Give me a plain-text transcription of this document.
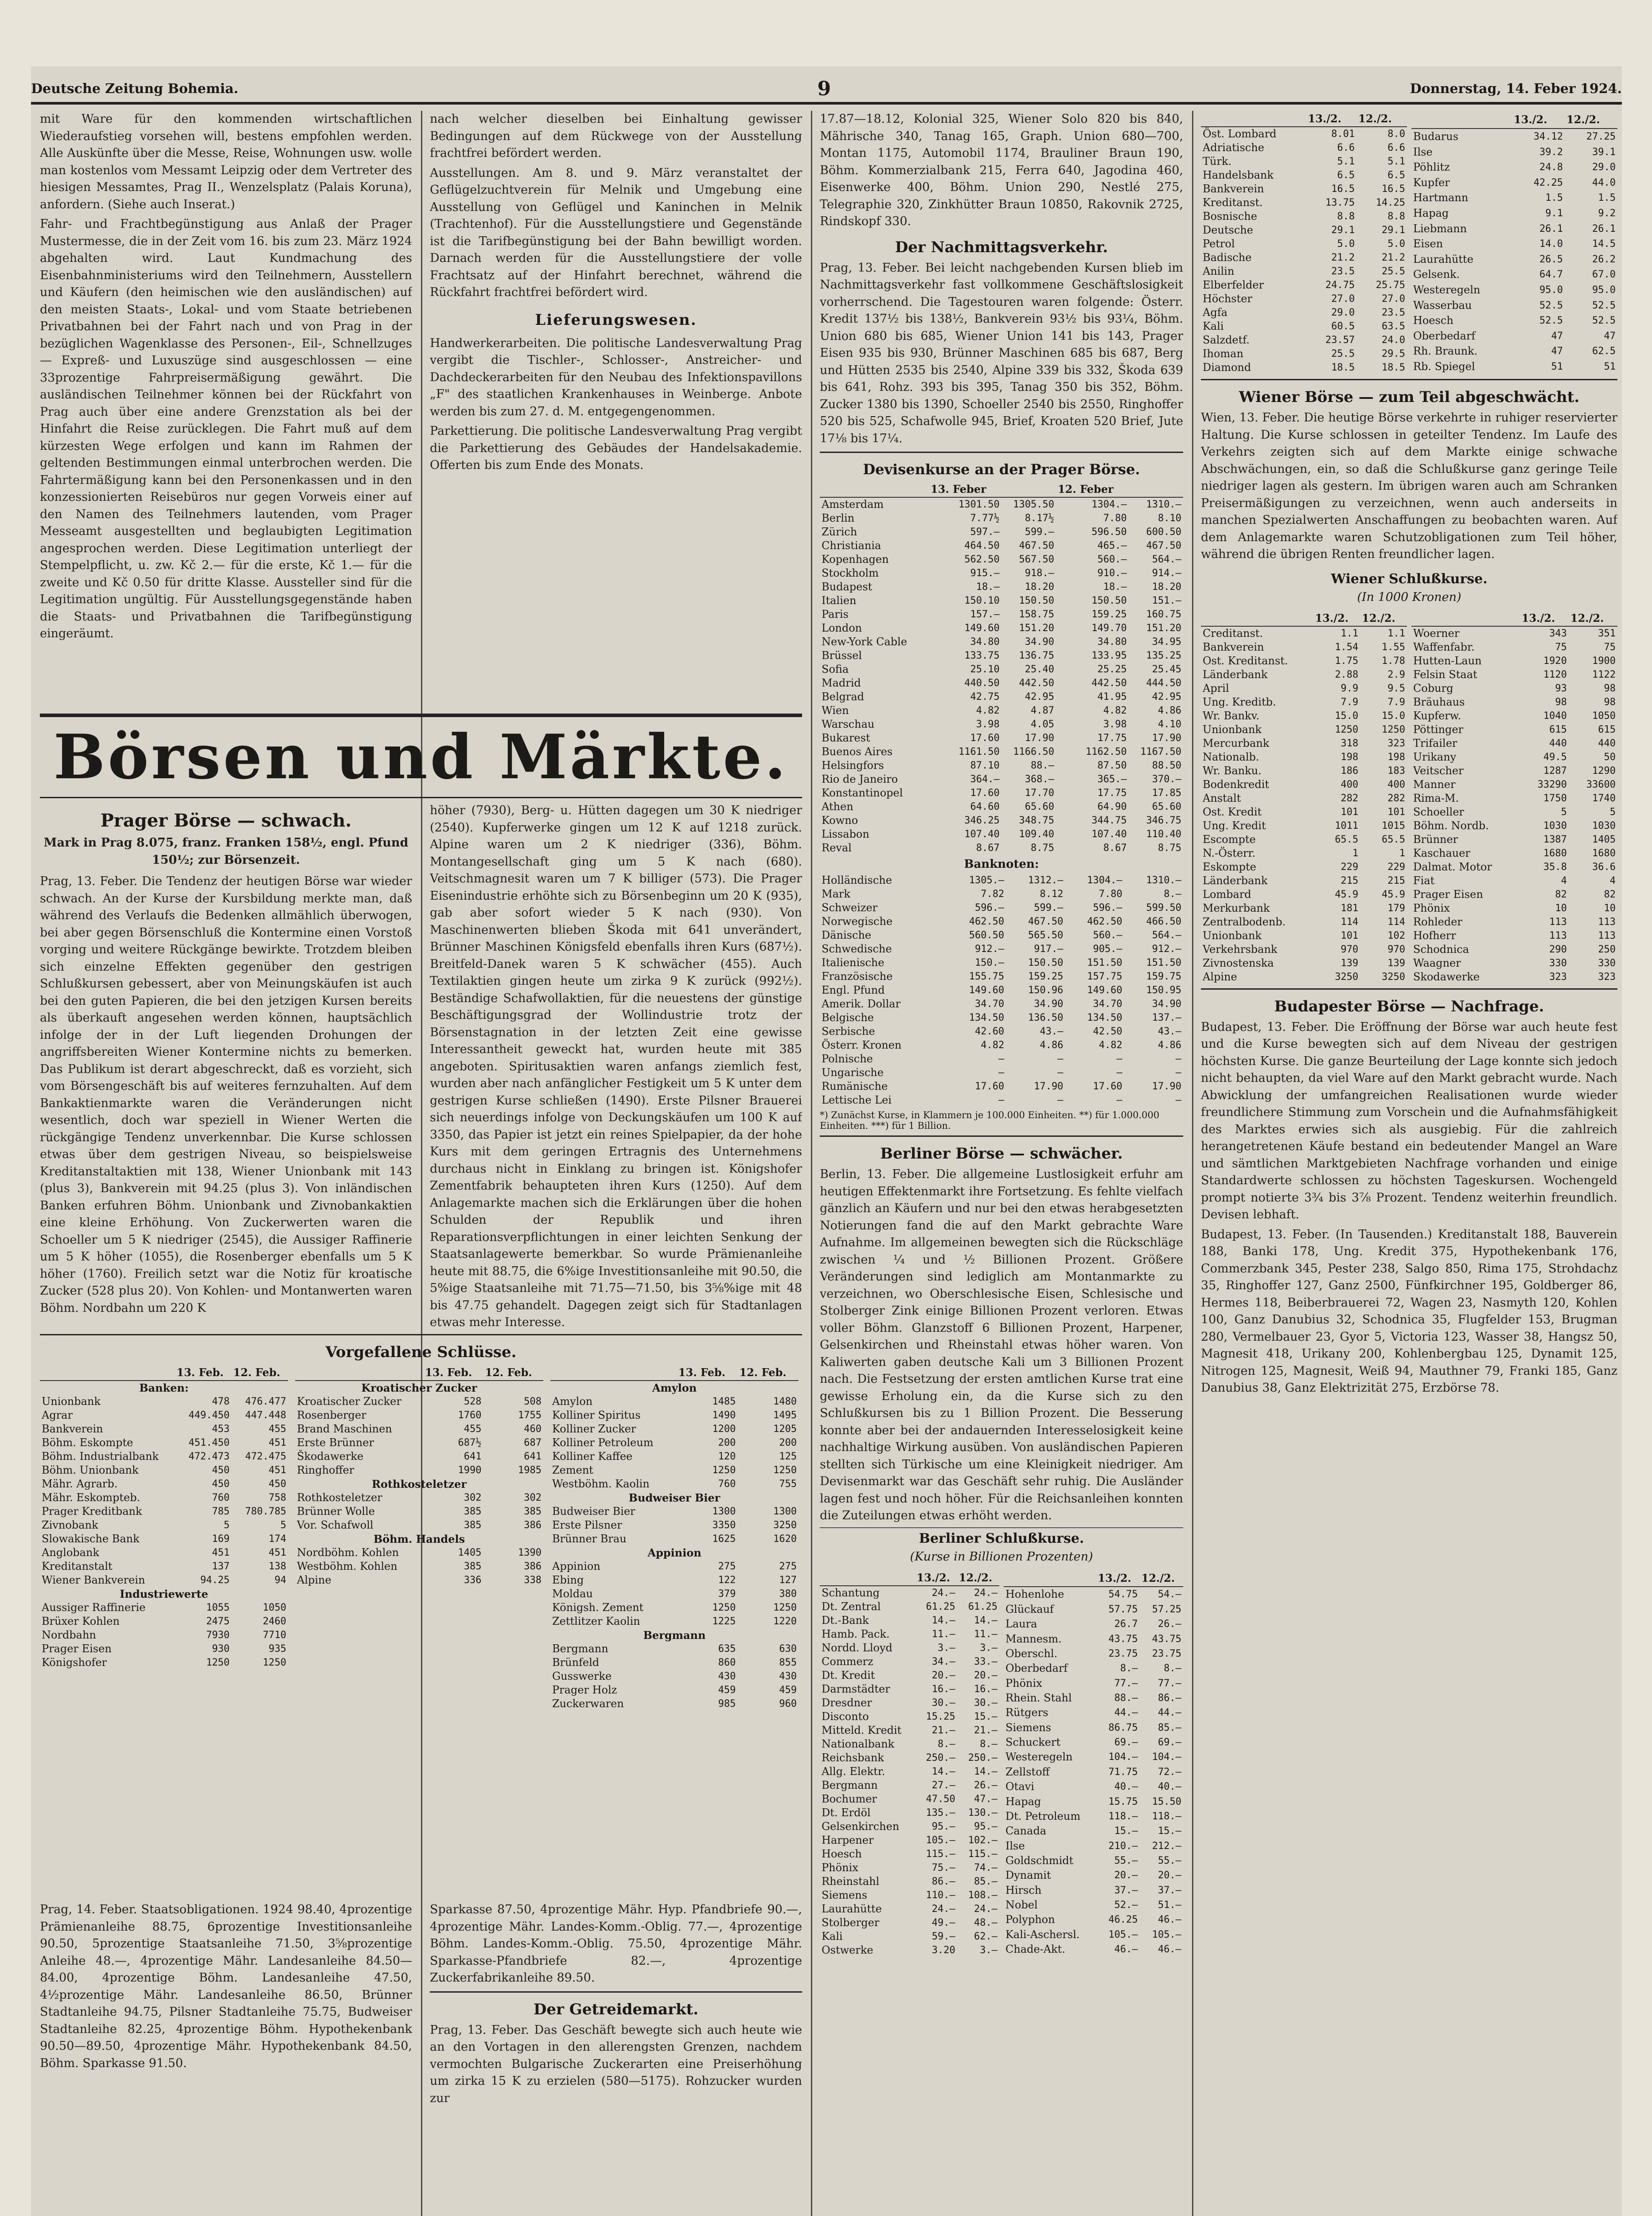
Deutsche Zeitung Bohemia.	9	Donnerstag, 14. Feber 1924.

mit Ware für den kommenden wirtschaftlichen Wiederaufstieg vorsehen will, bestens empfohlen werden. Alle Auskünfte über die Messe, Reise, Wohnungen usw. wolle man kostenlos vom Messamt Leipzig oder dem Vertreter des hiesigen Messamtes, Prag II., Wenzelsplatz (Palais Koruna), anfordern. (Siehe auch Inserat.)

Fahr- und Frachtbegünstigung aus Anlaß der Prager Mustermesse, die in der Zeit vom 16. bis zum 23. März 1924 abgehalten wird. Laut Kundmachung des Eisenbahnministeriums wird den Teilnehmern, Ausstellern und Käufern (den heimischen wie den ausländischen) auf den meisten Staats-, Lokal- und vom Staate betriebenen Privatbahnen bei der Fahrt nach und von Prag in der bezüglichen Wagenklasse des Personen-, Eil-, Schnellzuges — Expreß- und Luxuszüge sind ausgeschlossen — eine 33prozentige Fahrpreisermäßigung gewährt. Die ausländischen Teilnehmer können bei der Rückfahrt von Prag auch über eine andere Grenzstation als bei der Hinfahrt die Reise zurücklegen. Die Fahrt muß auf dem kürzesten Wege erfolgen und kann im Rahmen der geltenden Bestimmungen einmal unterbrochen werden. Die Fahrtermäßigung kann bei den Personenkassen und in den konzessionierten Reisebüros nur gegen Vorweis einer auf den Namen des Teilnehmers lautenden, vom Prager Messeamt ausgestellten und beglaubigten Legitimation angesprochen werden. Diese Legitimation unterliegt der Stempelpflicht, u. zw. Kč 2.— für die erste, Kč 1.— für die zweite und Kč 0.50 für dritte Klasse. Aussteller sind für die Legitimation ungültig. Für Ausstellungsgegenstände haben die Staats- und Privatbahnen die Tarifbegünstigung eingeräumt.

nach welcher dieselben bei Einhaltung gewisser Bedingungen auf dem Rückwege von der Ausstellung frachtfrei befördert werden.

Ausstellungen. Am 8. und 9. März veranstaltet der Geflügelzuchtverein für Melnik und Umgebung eine Ausstellung von Geflügel und Kaninchen in Melnik (Trachtenhof). Für die Ausstellungstiere und Gegenstände ist die Tarifbegünstigung bei der Bahn bewilligt worden. Darnach werden für die Ausstellungstiere der volle Frachtsatz auf der Hinfahrt berechnet, während die Rückfahrt frachtfrei befördert wird.

Lieferungswesen.

Handwerkerarbeiten. Die politische Landesverwaltung Prag vergibt die Tischler-, Schlosser-, Anstreicher- und Dachdeckerarbeiten für den Neubau des Infektionspavillons „F" des staatlichen Krankenhauses in Weinberge. Anbote werden bis zum 27. d. M. entgegengenommen.

Parkettierung. Die politische Landesverwaltung Prag vergibt die Parkettierung des Gebäudes der Handelsakademie. Offerten bis zum Ende des Monats.

Börsen und Märkte.
Prager Börse — schwach.
Mark in Prag 8.075, franz. Franken 158½, engl. Pfund 150½; zur Börsenzeit.

Prag, 13. Feber. Die Tendenz der heutigen Börse war wieder schwach. An der Kurse der Kursbildung merkte man, daß während des Verlaufs die Bedenken allmählich überwogen, bei aber gegen Börsenschluß die Kontermine einen Vorstoß vorging und weitere Rückgänge bewirkte. Trotzdem bleiben sich einzelne Effekten gegenüber den gestrigen Schlußkursen gebessert, aber von Meinungskäufen ist auch bei den guten Papieren, die bei den jetzigen Kursen bereits als überkauft angesehen werden können, hauptsächlich infolge der in der Luft liegenden Drohungen der angriffsbereiten Wiener Kontermine nichts zu bemerken. Das Publikum ist derart abgeschreckt, daß es vorzieht, sich vom Börsengeschäft bis auf weiteres fernzuhalten. Auf dem Bankaktienmarkte waren die Veränderungen nicht wesentlich, doch war speziell in Wiener Werten die rückgängige Tendenz unverkennbar. Die Kurse schlossen etwas über dem gestrigen Niveau, so beispielsweise Kreditanstaltaktien mit 138, Wiener Unionbank mit 143 (plus 3), Bankverein mit 94.25 (plus 3). Von inländischen Banken erfuhren Böhm. Unionbank und Zivnobankaktien eine kleine Erhöhung. Von Zuckerwerten waren die Schoeller um 5 K niedriger (2545), die Aussiger Raffinerie um 5 K höher (1055), die Rosenberger ebenfalls um 5 K höher (1760). Freilich setzt war die Notiz für kroatische Zucker (528 plus 20). Von Kohlen- und Montanwerten waren Böhm. Nordbahn um 220 K

höher (7930), Berg- u. Hütten dagegen um 30 K niedriger (2540). Kupferwerke gingen um 12 K auf 1218 zurück. Alpine waren um 2 K niedriger (336), Böhm. Montangesellschaft ging um 5 K nach (680). Veitschmagnesit waren um 7 K billiger (573). Die Prager Eisenindustrie erhöhte sich zu Börsenbeginn um 20 K (935), gab aber sofort wieder 5 K nach (930). Von Maschinenwerten blieben Škoda mit 641 unverändert, Brünner Maschinen Königsfeld ebenfalls ihren Kurs (687½). Breitfeld-Danek waren 5 K schwächer (455). Auch Textilaktien gingen heute um zirka 9 K zurück (992½). Beständige Schafwollaktien, für die neuestens der günstige Beschäftigungsgrad der Wollindustrie trotz der Börsenstagnation in der letzten Zeit eine gewisse Interessantheit geweckt hat, wurden heute mit 385 angeboten. Spiritusaktien waren anfangs ziemlich fest, wurden aber nach anfänglicher Festigkeit um 5 K unter dem gestrigen Kurse schließen (1490). Erste Pilsner Brauerei sich neuerdings infolge von Deckungskäufen um 100 K auf 3350, das Papier ist jetzt ein reines Spielpapier, da der hohe Kurs mit dem geringen Ertragnis des Unternehmens durchaus nicht in Einklang zu bringen ist. Königshofer Zementfabrik behaupteten ihren Kurs (1250). Auf dem Anlagemarkte machen sich die Erklärungen über die hohen Schulden der Republik und ihren Reparationsverpflichtungen in einer leichten Senkung der Staatsanlagewerte bemerkbar. So wurde Prämienanleihe heute mit 88.75, die 6%ige Investitionsanleihe mit 90.50, die 5%ige Staatsanleihe mit 71.75—71.50, bis 3⅝%ige mit 48 bis 47.75 gehandelt. Dagegen zeigt sich für Stadtanlagen etwas mehr Interesse.

Vorgefallene Schlüsse.
	13. Feb.	12. Feb.
Banken:		
Unionbank	478	476.477
Agrar	449.450	447.448
Bankverein	453	455
Böhm. Eskompte	451.450	451
Böhm. Industrialbank	472.473	472.475
Böhm. Unionbank	450	451
Mähr. Agrarb.	450	450
Mähr. Eskompteb.	760	758
Prager Kreditbank	785	780.785
Zivnobank	5	5
Slowakische Bank	169	174
Anglobank	451	451
Kreditanstalt	137	138
Wiener Bankverein	94.25	94
Industriewerte		
Aussiger Raffinerie	1055	1050
Brüxer Kohlen	2475	2460
Nordbahn	7930	7710
Prager Eisen	930	935
Königshofer	1250	1250
	13. Feb.	12. Feb.
Kroatischer Zucker		
Kroatischer Zucker	528	508
Rosenberger	1760	1755
Brand Maschinen	455	460
Erste Brünner	687½	687
Škodawerke	641	641
Ringhoffer	1990	1985
Rothkosteletzer		
Rothkosteletzer	302	302
Brünner Wolle	385	385
Vor. Schafwoll	385	386
Böhm. Handels		
Nordböhm. Kohlen	1405	1390
Westböhm. Kohlen	385	386
Alpine	336	338
	13. Feb.	12. Feb.
Amylon		
Amylon	1485	1480
Kolliner Spiritus	1490	1495
Kolliner Zucker	1200	1205
Kolliner Petroleum	200	200
Kolliner Kaffee	120	125
Zement	1250	1250
Westböhm. Kaolin	760	755
Budweiser Bier		
Budweiser Bier	1300	1300
Erste Pilsner	3350	3250
Brünner Brau	1625	1620
Appinion		
Appinion	275	275
Ebing	122	127
Moldau	379	380
Königsh. Zement	1250	1250
Zettlitzer Kaolin	1225	1220
Bergmann		
Bergmann	635	630
Brünfeld	860	855
Gusswerke	430	430
Prager Holz	459	459
Zuckerwaren	985	960

Prag, 14. Feber. Staatsobligationen. 1924 98.40, 4prozentige Prämienanleihe 88.75, 6prozentige Investitionsanleihe 90.50, 5prozentige Staatsanleihe 71.50, 3⅝prozentige Anleihe 48.—, 4prozentige Mähr. Landesanleihe 84.50—84.00, 4prozentige Böhm. Landesanleihe 47.50, 4½prozentige Mähr. Landesanleihe 86.50, Brünner Stadtanleihe 94.75, Pilsner Stadtanleihe 75.75, Budweiser Stadtanleihe 82.25, 4prozentige Böhm. Hypothekenbank 90.50—89.50, 4prozentige Mähr. Hypothekenbank 84.50, Böhm. Sparkasse 91.50.

Sparkasse 87.50, 4prozentige Mähr. Hyp. Pfandbriefe 90.—, 4prozentige Mähr. Landes-Komm.-Oblig. 77.—, 4prozentige Böhm. Landes-Komm.-Oblig. 75.50, 4prozentige Mähr. Sparkasse-Pfandbriefe 82.—, 4prozentige Zuckerfabrikanleihe 89.50.

Der Getreidemarkt.

Prag, 13. Feber. Das Geschäft bewegte sich auch heute wie an den Vortagen in den allerengsten Grenzen, nachdem vermochten Bulgarische Zuckerarten eine Preiserhöhung um zirka 15 K zu erzielen (580—5175). Rohzucker wurden zur

17.87—18.12, Kolonial 325, Wiener Solo 820 bis 840, Mährische 340, Tanag 165, Graph. Union 680—700, Montan 1175, Automobil 1174, Brauliner Braun 190, Böhm. Kommerzialbank 215, Ferra 640, Jagodina 460, Eisenwerke 400, Böhm. Union 290, Nestlé 275, Telegraphie 320, Zinkhütter Braun 10850, Rakovnik 2725, Rindskopf 330.

Der Nachmittagsverkehr.

Prag, 13. Feber. Bei leicht nachgebenden Kursen blieb im Nachmittagsverkehr fast vollkommene Geschäftslosigkeit vorherrschend. Die Tagestouren waren folgende: Österr. Kredit 137½ bis 138½, Bankverein 93½ bis 93¼, Böhm. Union 680 bis 685, Wiener Union 141 bis 143, Prager Eisen 935 bis 930, Brünner Maschinen 685 bis 687, Berg und Hütten 2535 bis 2540, Alpine 339 bis 332, Škoda 639 bis 641, Rohz. 393 bis 395, Tanag 350 bis 352, Böhm. Zucker 1380 bis 1390, Schoeller 2540 bis 2550, Ringhoffer 520 bis 525, Schafwolle 945, Brief, Kroaten 520 Brief, Jute 17⅛ bis 17¼.

Devisenkurse an der Prager Börse.
	13. Feber		12. Feber	
Amsterdam	1301.50	1305.50	1304.—	1310.—
Berlin	7.77½	8.17½	7.80	8.10
Zürich	597.—	599.—	596.50	600.50
Christiania	464.50	467.50	465.—	467.50
Kopenhagen	562.50	567.50	560.—	564.—
Stockholm	915.—	918.—	910.—	914.—
Budapest	18.—	18.20	18.—	18.20
Italien	150.10	150.50	150.50	151.—
Paris	157.—	158.75	159.25	160.75
London	149.60	151.20	149.70	151.20
New-York Cable	34.80	34.90	34.80	34.95
Brüssel	133.75	136.75	133.95	135.25
Sofia	25.10	25.40	25.25	25.45
Madrid	440.50	442.50	442.50	444.50
Belgrad	42.75	42.95	41.95	42.95
Wien	4.82	4.87	4.82	4.86
Warschau	3.98	4.05	3.98	4.10
Bukarest	17.60	17.90	17.75	17.90
Buenos Aires	1161.50	1166.50	1162.50	1167.50
Helsingfors	87.10	88.—	87.50	88.50
Rio de Janeiro	364.—	368.—	365.—	370.—
Konstantinopel	17.60	17.70	17.75	17.85
Athen	64.60	65.60	64.90	65.60
Kowno	346.25	348.75	344.75	346.75
Lissabon	107.40	109.40	107.40	110.40
Reval	8.67	8.75	8.67	8.75
Banknoten:
Holländische	1305.—	1312.—	1304.—	1310.—
Mark	7.82	8.12	7.80	8.—
Schweizer	596.—	599.—	596.—	599.50
Norwegische	462.50	467.50	462.50	466.50
Dänische	560.50	565.50	560.—	564.—
Schwedische	912.—	917.—	905.—	912.—
Italienische	150.—	150.50	151.50	151.50
Französische	155.75	159.25	157.75	159.75
Engl. Pfund	149.60	150.96	149.60	150.95
Amerik. Dollar	34.70	34.90	34.70	34.90
Belgische	134.50	136.50	134.50	137.—
Serbische	42.60	43.—	42.50	43.—
Österr. Kronen	4.82	4.86	4.82	4.86
Polnische	—	—	—	—
Ungarische	—	—	—	—
Rumänische	17.60	17.90	17.60	17.90
Lettische Lei	—	—	—	—
*) Zunächst Kurse, in Klammern je 100.000 Einheiten. **) für 1.000.000 Einheiten. ***) für 1 Billion.
Berliner Börse — schwächer.

Berlin, 13. Feber. Die allgemeine Lustlosigkeit erfuhr am heutigen Effektenmarkt ihre Fortsetzung. Es fehlte vielfach gänzlich an Käufern und nur bei den etwas herabgesetzten Notierungen fand die auf den Markt gebrachte Ware Aufnahme. Im allgemeinen bewegten sich die Rückschläge zwischen ¼ und ½ Billionen Prozent. Größere Veränderungen sind lediglich am Montanmarkte zu verzeichnen, wo Oberschlesische Eisen, Schlesische und Stolberger Zink einige Billionen Prozent verloren. Etwas voller Böhm. Glanzstoff 6 Billionen Prozent, Harpener, Gelsenkirchen und Rheinstahl etwas höher waren. Von Kaliwerten gaben deutsche Kali um 3 Billionen Prozent nach. Die Festsetzung der ersten amtlichen Kurse trat eine gewisse Erholung ein, da die Kurse sich zu den Schlußkursen bis zu 1 Billion Prozent. Die Besserung konnte aber bei der andauernden Interesselosigkeit keine nachhaltige Wirkung ausüben. Von ausländischen Papieren stellten sich Türkische um eine Kleinigkeit niedriger. Am Devisenmarkt war das Geschäft sehr ruhig. Die Ausländer lagen fest und noch höher. Für die Reichsanleihen konnten die Zuteilungen etwas erhöht werden.

Berliner Schlußkurse.
(Kurse in Billionen Prozenten)
	13./2.	12./2.
Schantung	24.—	24.—
Dt. Zentral	61.25	61.25
Dt.-Bank	14.—	14.—
Hamb. Pack.	11.—	11.—
Nordd. Lloyd	3.—	3.—
Commerz	34.—	33.—
Dt. Kredit	20.—	20.—
Darmstädter	16.—	16.—
Dresdner	30.—	30.—
Disconto	15.25	15.—
Mitteld. Kredit	21.—	21.—
Nationalbank	8.—	8.—
Reichsbank	250.—	250.—
Allg. Elektr.	14.—	14.—
Bergmann	27.—	26.—
Bochumer	47.50	47.—
Dt. Erdöl	135.—	130.—
Gelsenkirchen	95.—	95.—
Harpener	105.—	102.—
Hoesch	115.—	115.—
Phönix	75.—	74.—
Rheinstahl	86.—	85.—
Siemens	110.—	108.—
Laurahütte	24.—	24.—
Stolberger	49.—	48.—
Kali	59.—	62.—
Ostwerke	3.20	3.—
	13./2.	12./2.
Hohenlohe	54.75	54.—
Glückauf	57.75	57.25
Laura	26.7	26.—
Mannesm.	43.75	43.75
Oberschl.	23.75	23.75
Oberbedarf	8.—	8.—
Phönix	77.—	77.—
Rhein. Stahl	88.—	86.—
Rütgers	44.—	44.—
Siemens	86.75	85.—
Schuckert	69.—	69.—
Westeregeln	104.—	104.—
Zellstoff	71.75	72.—
Otavi	40.—	40.—
Hapag	15.75	15.50
Dt. Petroleum	118.—	118.—
Canada	15.—	15.—
Ilse	210.—	212.—
Goldschmidt	55.—	55.—
Dynamit	20.—	20.—
Hirsch	37.—	37.—
Nobel	52.—	51.—
Polyphon	46.25	46.—
Kali-Aschersl.	105.—	105.—
Chade-Akt.	46.—	46.—
	13./2.	12./2.
Öst. Lombard	8.01	8.0
Adriatische	6.6	6.6
Türk.	5.1	5.1
Handelsbank	6.5	6.5
Bankverein	16.5	16.5
Kreditanst.	13.75	14.25
Bosnische	8.8	8.8
Deutsche	29.1	29.1
Petrol	5.0	5.0
Badische	21.2	21.2
Anilin	23.5	25.5
Elberfelder	24.75	25.75
Höchster	27.0	27.0
Agfa	29.0	23.5
Kali	60.5	63.5
Salzdetf.	23.57	24.0
Ihoman	25.5	29.5
Diamond	18.5	18.5
	13./2.	12./2.
Budarus	34.12	27.25
Ilse	39.2	39.1
Pöhlitz	24.8	29.0
Kupfer	42.25	44.0
Hartmann	1.5	1.5
Hapag	9.1	9.2
Liebmann	26.1	26.1
Eisen	14.0	14.5
Laurahütte	26.5	26.2
Gelsenk.	64.7	67.0
Westeregeln	95.0	95.0
Wasserbau	52.5	52.5
Hoesch	52.5	52.5
Oberbedarf	47	47
Rh. Braunk.	47	62.5
Rb. Spiegel	51	51
Wiener Börse — zum Teil abgeschwächt.

Wien, 13. Feber. Die heutige Börse verkehrte in ruhiger reservierter Haltung. Die Kurse schlossen in geteilter Tendenz. Im Laufe des Verkehrs zeigten sich auf dem Markte einige schwache Abschwächungen, ein, so daß die Schlußkurse ganz geringe Teile niedriger lagen als gestern. Im übrigen waren auch am Schranken Preisermäßigungen zu verzeichnen, wenn auch anderseits in manchen Spezialwerten Anschaffungen zu beobachten waren. Auf dem Anlagemarkte waren Schutzobligationen zum Teil höher, während die übrigen Renten freundlicher lagen.

Wiener Schlußkurse.
(In 1000 Kronen)
	13./2.	12./2.
Creditanst.	1.1	1.1
Bankverein	1.54	1.55
Ost. Kreditanst.	1.75	1.78
Länderbank	2.88	2.9
April	9.9	9.5
Ung. Kreditb.	7.9	7.9
Wr. Bankv.	15.0	15.0
Unionbank	1250	1250
Mercurbank	318	323
Nationalb.	198	198
Wr. Banku.	186	183
Bodenkredit	400	400
Anstalt	282	282
Ost. Kredit	101	101
Ung. Kredit	1011	1015
Escompte	65.5	65.5
N.-Österr.	1	1
Eskompte	229	229
Länderbank	215	215
Lombard	45.9	45.9
Merkurbank	181	179
Zentralbodenb.	114	114
Unionbank	101	102
Verkehrsbank	970	970
Zivnostenska	139	139
Alpine	3250	3250
	13./2.	12./2.
Woerner	343	351
Waffenfabr.	75	75
Hutten-Laun	1920	1900
Felsin Staat	1120	1122
Coburg	93	98
Bräuhaus	98	98
Kupferw.	1040	1050
Pöttinger	615	615
Trifailer	440	440
Urikany	49.5	50
Veitscher	1287	1290
Manner	33290	33600
Rima-M.	1750	1740
Schoeller	5	5
Böhm. Nordb.	1030	1030
Brünner	1387	1405
Kaschauer	1680	1680
Dalmat. Motor	35.8	36.6
Fiat	4	4
Prager Eisen	82	82
Phönix	10	10
Rohleder	113	113
Hofherr	113	113
Schodnica	290	250
Waagner	330	330
Skodawerke	323	323
Budapester Börse — Nachfrage.

Budapest, 13. Feber. Die Eröffnung der Börse war auch heute fest und die Kurse bewegten sich auf dem Niveau der gestrigen höchsten Kurse. Die ganze Beurteilung der Lage konnte sich jedoch nicht behaupten, da viel Ware auf den Markt gebracht wurde. Nach Abwicklung der umfangreichen Realisationen wurde wieder freundlichere Stimmung zum Vorschein und die Aufnahmsfähigkeit des Marktes erwies sich als ausgiebig. Für die zahlreich herangetretenen Käufe bestand ein bedeutender Mangel an Ware und sämtlichen Marktgebieten Nachfrage vorhanden und einige Standardwerte schlossen zu höchsten Tageskursen. Wochengeld prompt notierte 3¾ bis 3⅞ Prozent. Tendenz weiterhin freundlich. Devisen lebhaft.

Budapest, 13. Feber. (In Tausenden.) Kreditanstalt 188, Bauverein 188, Banki 178, Ung. Kredit 375, Hypothekenbank 176, Commerzbank 345, Pester 238, Salgo 850, Rima 175, Strohdachz 35, Ringhoffer 127, Ganz 2500, Fünfkirchner 195, Goldberger 86, Hermes 118, Beiberbrauerei 72, Wagen 23, Nasmyth 120, Kohlen 100, Ganz Danubius 32, Schodnica 35, Flugfelder 153, Brugman 280, Vermelbauer 23, Gyor 5, Victoria 123, Wasser 38, Hangsz 50, Magnesit 418, Urikany 200, Kohlenbergbau 125, Dynamit 125, Nitrogen 125, Magnesit, Weiß 94, Mauthner 79, Franki 185, Ganz Danubius 38, Ganz Elektrizität 275, Erzbörse 78.
